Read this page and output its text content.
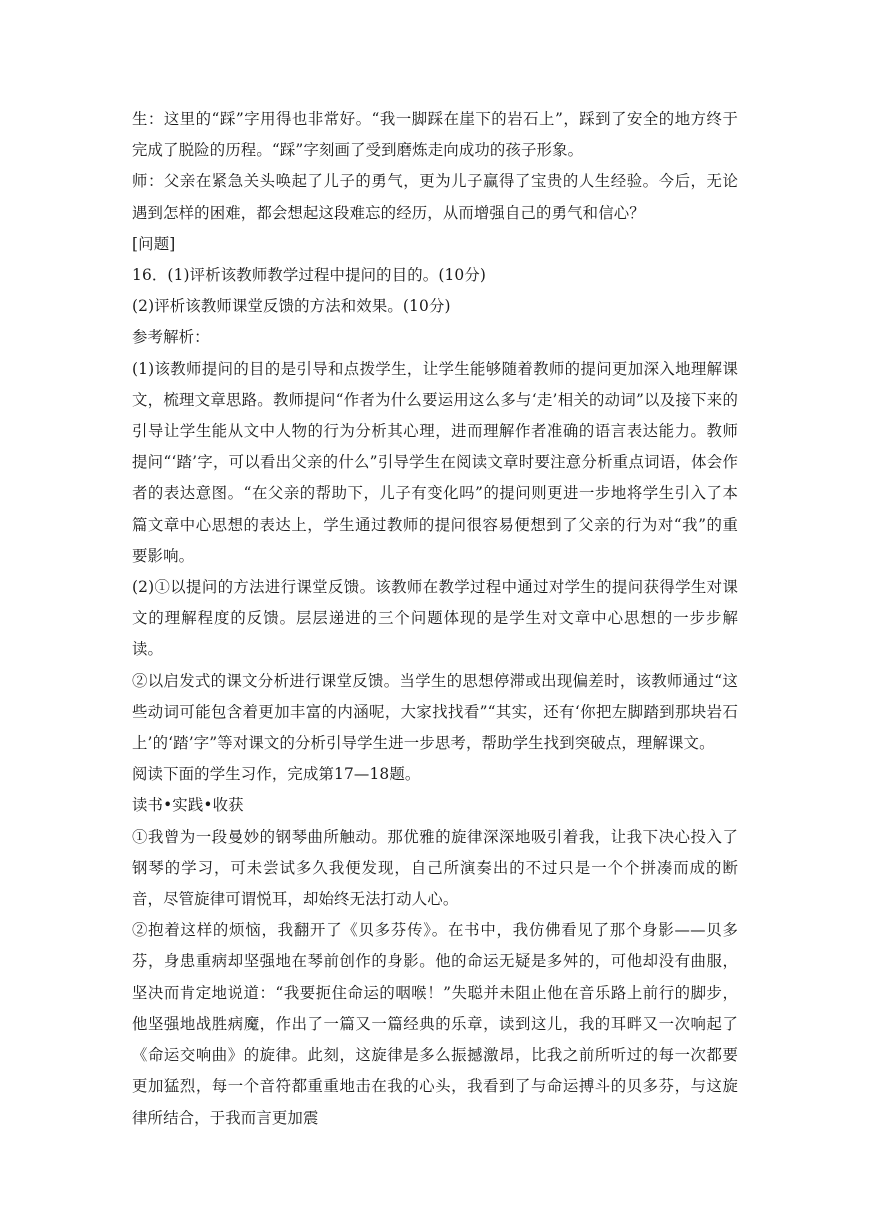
生：这里的“踩”字用得也非常好。“我一脚踩在崖下的岩石上”，踩到了安全的地方终于完成了脱险的历程。“踩”字刻画了受到磨炼走向成功的孩子形象。

师：父亲在紧急关头唤起了儿子的勇气，更为儿子赢得了宝贵的人生经验。今后，无论遇到怎样的困难，都会想起这段难忘的经历，从而增强自己的勇气和信心？

[问题]

16．(1)评析该教师教学过程中提问的目的。(10分)

(2)评析该教师课堂反馈的方法和效果。(10分)

参考解析：

(1)该教师提问的目的是引导和点拨学生，让学生能够随着教师的提问更加深入地理解课文，梳理文章思路。教师提问“作者为什么要运用这么多与‘走’相关的动词”以及接下来的引导让学生能从文中人物的行为分析其心理，进而理解作者准确的语言表达能力。教师提问“‘踏’字，可以看出父亲的什么”引导学生在阅读文章时要注意分析重点词语，体会作者的表达意图。“在父亲的帮助下，儿子有变化吗”的提问则更进一步地将学生引入了本篇文章中心思想的表达上，学生通过教师的提问很容易便想到了父亲的行为对“我”的重要影响。

(2)①以提问的方法进行课堂反馈。该教师在教学过程中通过对学生的提问获得学生对课文的理解程度的反馈。层层递进的三个问题体现的是学生对文章中心思想的一步步解读。

②以启发式的课文分析进行课堂反馈。当学生的思想停滞或出现偏差时，该教师通过“这些动词可能包含着更加丰富的内涵呢，大家找找看”“其实，还有‘你把左脚踏到那块岩石上’的‘踏’字”等对课文的分析引导学生进一步思考，帮助学生找到突破点，理解课文。

阅读下面的学生习作，完成第17—18题。

读书•实践•收获

①我曾为一段曼妙的钢琴曲所触动。那优雅的旋律深深地吸引着我，让我下决心投入了钢琴的学习，可未尝试多久我便发现，自己所演奏出的不过只是一个个拼凑而成的断音，尽管旋律可谓悦耳，却始终无法打动人心。

②抱着这样的烦恼，我翻开了《贝多芬传》。在书中，我仿佛看见了那个身影——贝多芬，身患重病却坚强地在琴前创作的身影。他的命运无疑是多舛的，可他却没有曲服，坚决而肯定地说道：“我要扼住命运的咽喉！”失聪并未阻止他在音乐路上前行的脚步，他坚强地战胜病魔，作出了一篇又一篇经典的乐章，读到这儿，我的耳畔又一次响起了《命运交响曲》的旋律。此刻，这旋律是多么振撼激昂，比我之前所听过的每一次都要更加猛烈，每一个音符都重重地击在我的心头，我看到了与命运搏斗的贝多芬，与这旋律所结合，于我而言更加震
